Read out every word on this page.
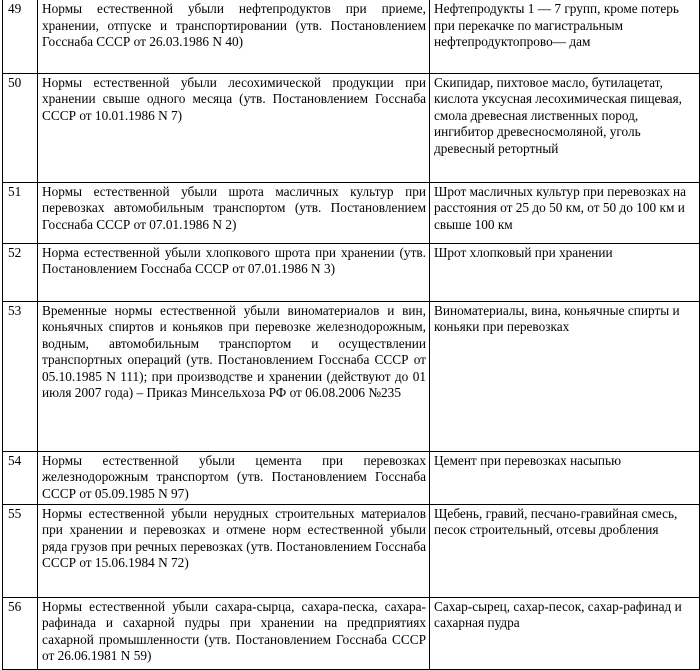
49	Нормы естественной убыли нефтепродуктов при приеме, хранении, отпуске и транспортировании (утв. Постановлением Госснаба СССР от 26.03.1986 N 40)	Нефтепродукты 1 — 7 групп, кроме потерь при перекачке по магистральным нефтепродуктопрово— дам
50	Нормы естественной убыли лесохимической продукции при хранении свыше одного месяца (утв. Постановлением Госснаба СССР от 10.01.1986 N 7)	Скипидар, пихтовое масло, бутилацетат, кислота уксусная лесохимическая пищевая, смола древесная лиственных пород, ингибитор древесносмоляной, уголь древесный ретортный
51	Нормы естественной убыли шрота масличных культур при перевозках автомобильным транспортом (утв. Постановлением Госснаба СССР от 07.01.1986 N 2)	Шрот масличных культур при перевозках на расстояния от 25 до 50 км, от 50 до 100 км и свыше 100 км
52	Норма естественной убыли хлопкового шрота при хранении (утв. Постановлением Госснаба СССР от 07.01.1986 N 3)	Шрот хлопковый при хранении
53	Временные нормы естественной убыли виноматериалов и вин, коньячных спиртов и коньяков при перевозке железнодорожным, водным, автомобильным транспортом и осуществлении транспортных операций (утв. Постановлением Госснаба СССР от 05.10.1985 N 111); при производстве и хранении (действуют до 01 июля 2007 года) – Приказ Минсельхоза РФ от 06.08.2006 №235	Виноматериалы, вина, коньячные спирты и коньяки при перевозках
54	Нормы естественной убыли цемента при перевозках железнодорожным транспортом (утв. Постановлением Госснаба СССР от 05.09.1985 N 97)	Цемент при перевозках насыпью
55	Нормы естественной убыли нерудных строительных материалов при хранении и перевозках и отмене норм естественной убыли ряда грузов при речных перевозках (утв. Постановлением Госснаба СССР от 15.06.1984 N 72)	Щебень, гравий, песчано-гравийная смесь, песок строительный, отсевы дробления
56	Нормы естественной убыли сахара-сырца, сахара-песка, сахара-рафинада и сахарной пудры при хранении на предприятиях сахарной промышленности (утв. Постановлением Госснаба СССР от 26.06.1981 N 59)	Сахар-сырец, сахар-песок, сахар-рафинад и сахарная пудра
